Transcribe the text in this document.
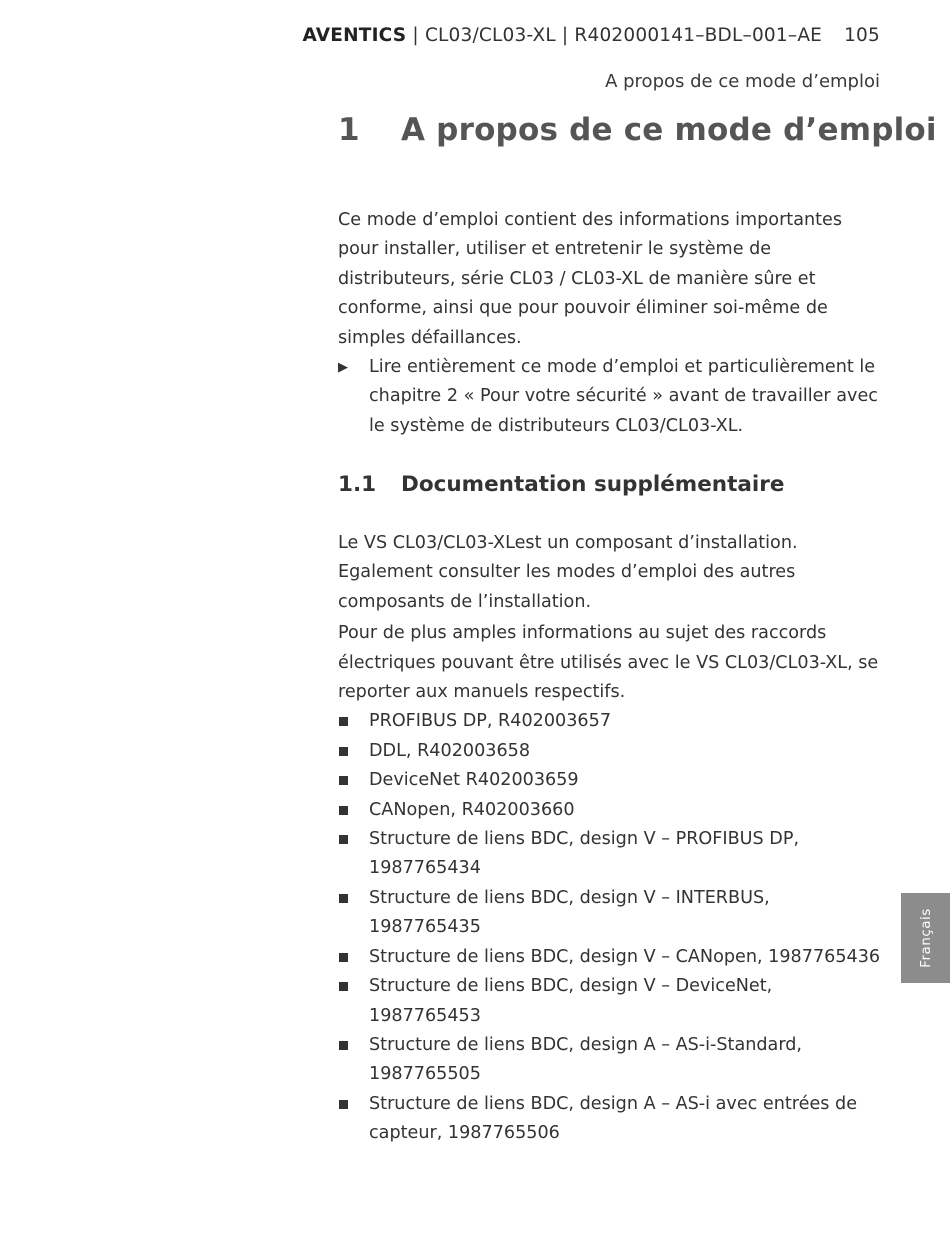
AVENTICS | CL03/CL03-XL | R402000141–BDL–001–AE 105
A propos de ce mode d’emploi
1 A propos de ce mode d’emploi

Ce mode d’emploi contient des informations importantes pour installer, utiliser et entretenir le système de distributeurs, série CL03 / CL03-XL de manière sûre et conforme, ainsi que pour pouvoir éliminer soi-même de simples défaillances.

▶ Lire entièrement ce mode d’emploi et particulièrement le chapitre 2 « Pour votre sécurité » avant de travailler avec le système de distributeurs CL03/CL03-XL.
1.1 Documentation supplémentaire

Le VS CL03/CL03-XLest un composant d’installation. Egalement consulter les modes d’emploi des autres composants de l’installation.

Pour de plus amples informations au sujet des raccords électriques pouvant être utilisés avec le VS CL03/CL03-XL, se reporter aux manuels respectifs.

PROFIBUS DP, R402003657
DDL, R402003658
DeviceNet R402003659
CANopen, R402003660
Structure de liens BDC, design V – PROFIBUS DP, 1987765434
Structure de liens BDC, design V – INTERBUS, 1987765435
Structure de liens BDC, design V – CANopen, 1987765436
Structure de liens BDC, design V – DeviceNet, 1987765453
Structure de liens BDC, design A – AS-i-Standard, 1987765505
Structure de liens BDC, design A – AS-i avec entrées de capteur, 1987765506
Français
